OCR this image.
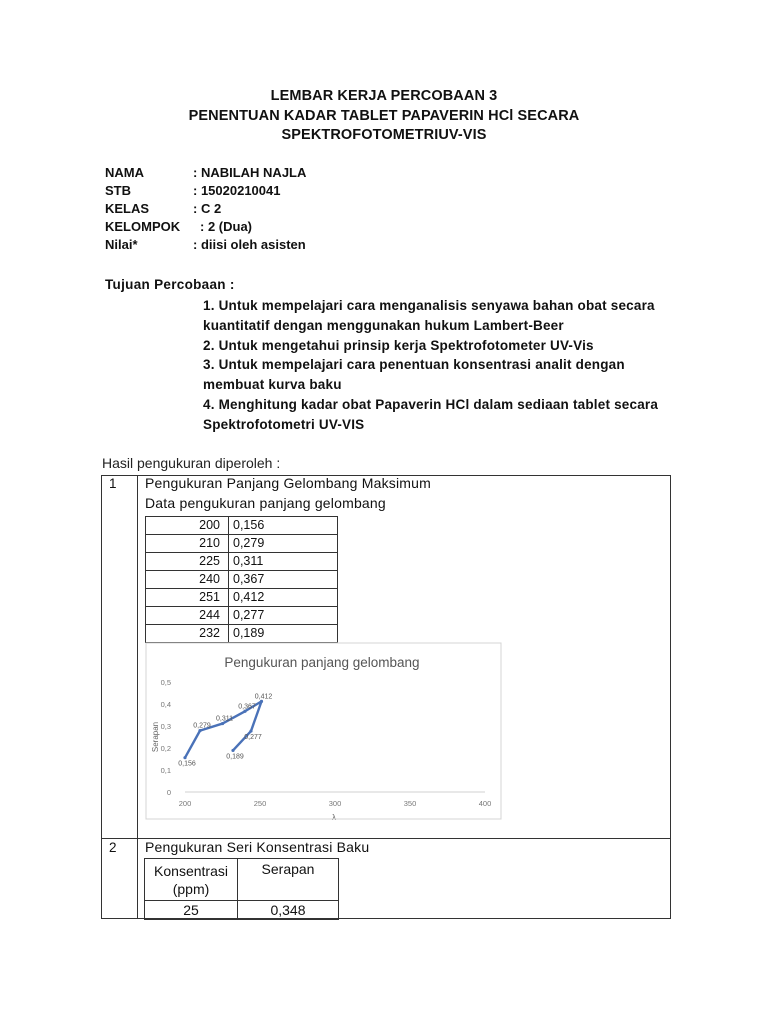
LEMBAR KERJA PERCOBAAN 3
PENENTUAN KADAR TABLET PAPAVERIN HCl SECARA
SPEKTROFOTOMETRIUV-VIS
NAMA	: NABILAH NAJLA
STB	: 15020210041
KELAS	: C 2
KELOMPOK : 2 (Dua)
Nilai*	: diisi oleh asisten
Tujuan Percobaan :
1. Untuk mempelajari cara menganalisis senyawa bahan obat secara kuantitatif dengan menggunakan hukum Lambert-Beer
2. Untuk mengetahui prinsip kerja Spektrofotometer UV-Vis
3. Untuk mempelajari cara penentuan konsentrasi analit dengan membuat kurva baku
4. Menghitung kadar obat Papaverin HCl dalam sediaan tablet secara Spektrofotometri UV-VIS
Hasil pengukuran diperoleh :
1 Pengukuran Panjang Gelombang Maksimum
Data pengukuran panjang gelombang
200	0,156
210	0,279
225	0,311
240	0,367
251	0,412
244	0,277
232	0,189
Pengukuran panjang gelombang
Serapan
λ
0
0,1
0,2
0,3
0,4
0,5
200	250	300	350	400
0,156
0,279
0,311
0,367
0,412
0,277
0,189
2 Pengukuran Seri Konsentrasi Baku
Konsentrasi (ppm)	Serapan
25	0,348
